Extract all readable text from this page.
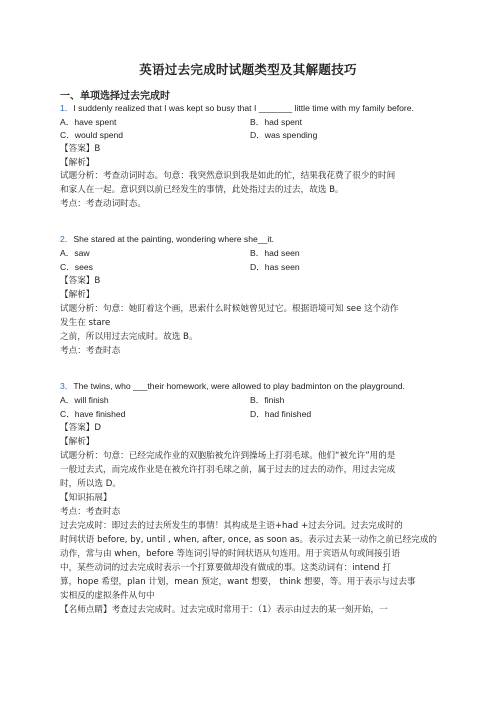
英语过去完成时试题类型及其解题技巧
一、单项选择过去完成时
1．I suddenly realized that I was kept so busy that I _______ little time with my family before.
A．have spent	B．had spent
C．would spend	D．was spending
【答案】B
【解析】
试题分析：考查动词时态。句意：我突然意识到我是如此的忙，结果我花费了很少的时间
和家人在一起。意识到以前已经发生的事情，此处指过去的过去，故选 B。
考点：考查动词时态。
2．She stared at the painting, wondering where she__it.
A．saw	B．had seen
C．sees	D．has seen
【答案】B
【解析】
试题分析：句意：她盯着这个画，思索什么时候她曾见过它。根据语境可知 see 这个动作
发生在 stare
之前，所以用过去完成时。故选 B。
考点：考查时态
3．The twins, who ___their homework, were allowed to play badminton on the playground.
A．will finish	B．finish
C．have finished	D．had finished
【答案】D
【解析】
试题分析：句意：已经完成作业的双胞胎被允许到操场上打羽毛球。他们“被允许”用的是
一般过去式，而完成作业是在被允许打羽毛球之前，属于过去的过去的动作，用过去完成
时，所以选 D。
【知识拓展】
考点：考查时态
过去完成时：即过去的过去所发生的事情！其构成是主语+had +过去分词。过去完成时的
时间状语 before, by, until , when, after, once, as soon as。表示过去某一动作之前已经完成的
动作，常与由 when，before 等连词引导的时间状语从句连用。用于宾语从句或间接引语
中，某些动词的过去完成时表示一个打算要做却没有做成的事。这类动词有：intend 打
算，hope 希望，plan 计划，mean 预定，want 想要， think 想要，等。用于表示与过去事
实相反的虚拟条件从句中
【名师点睛】考查过去完成时。过去完成时常用于：（1）表示由过去的某一刻开始，一
